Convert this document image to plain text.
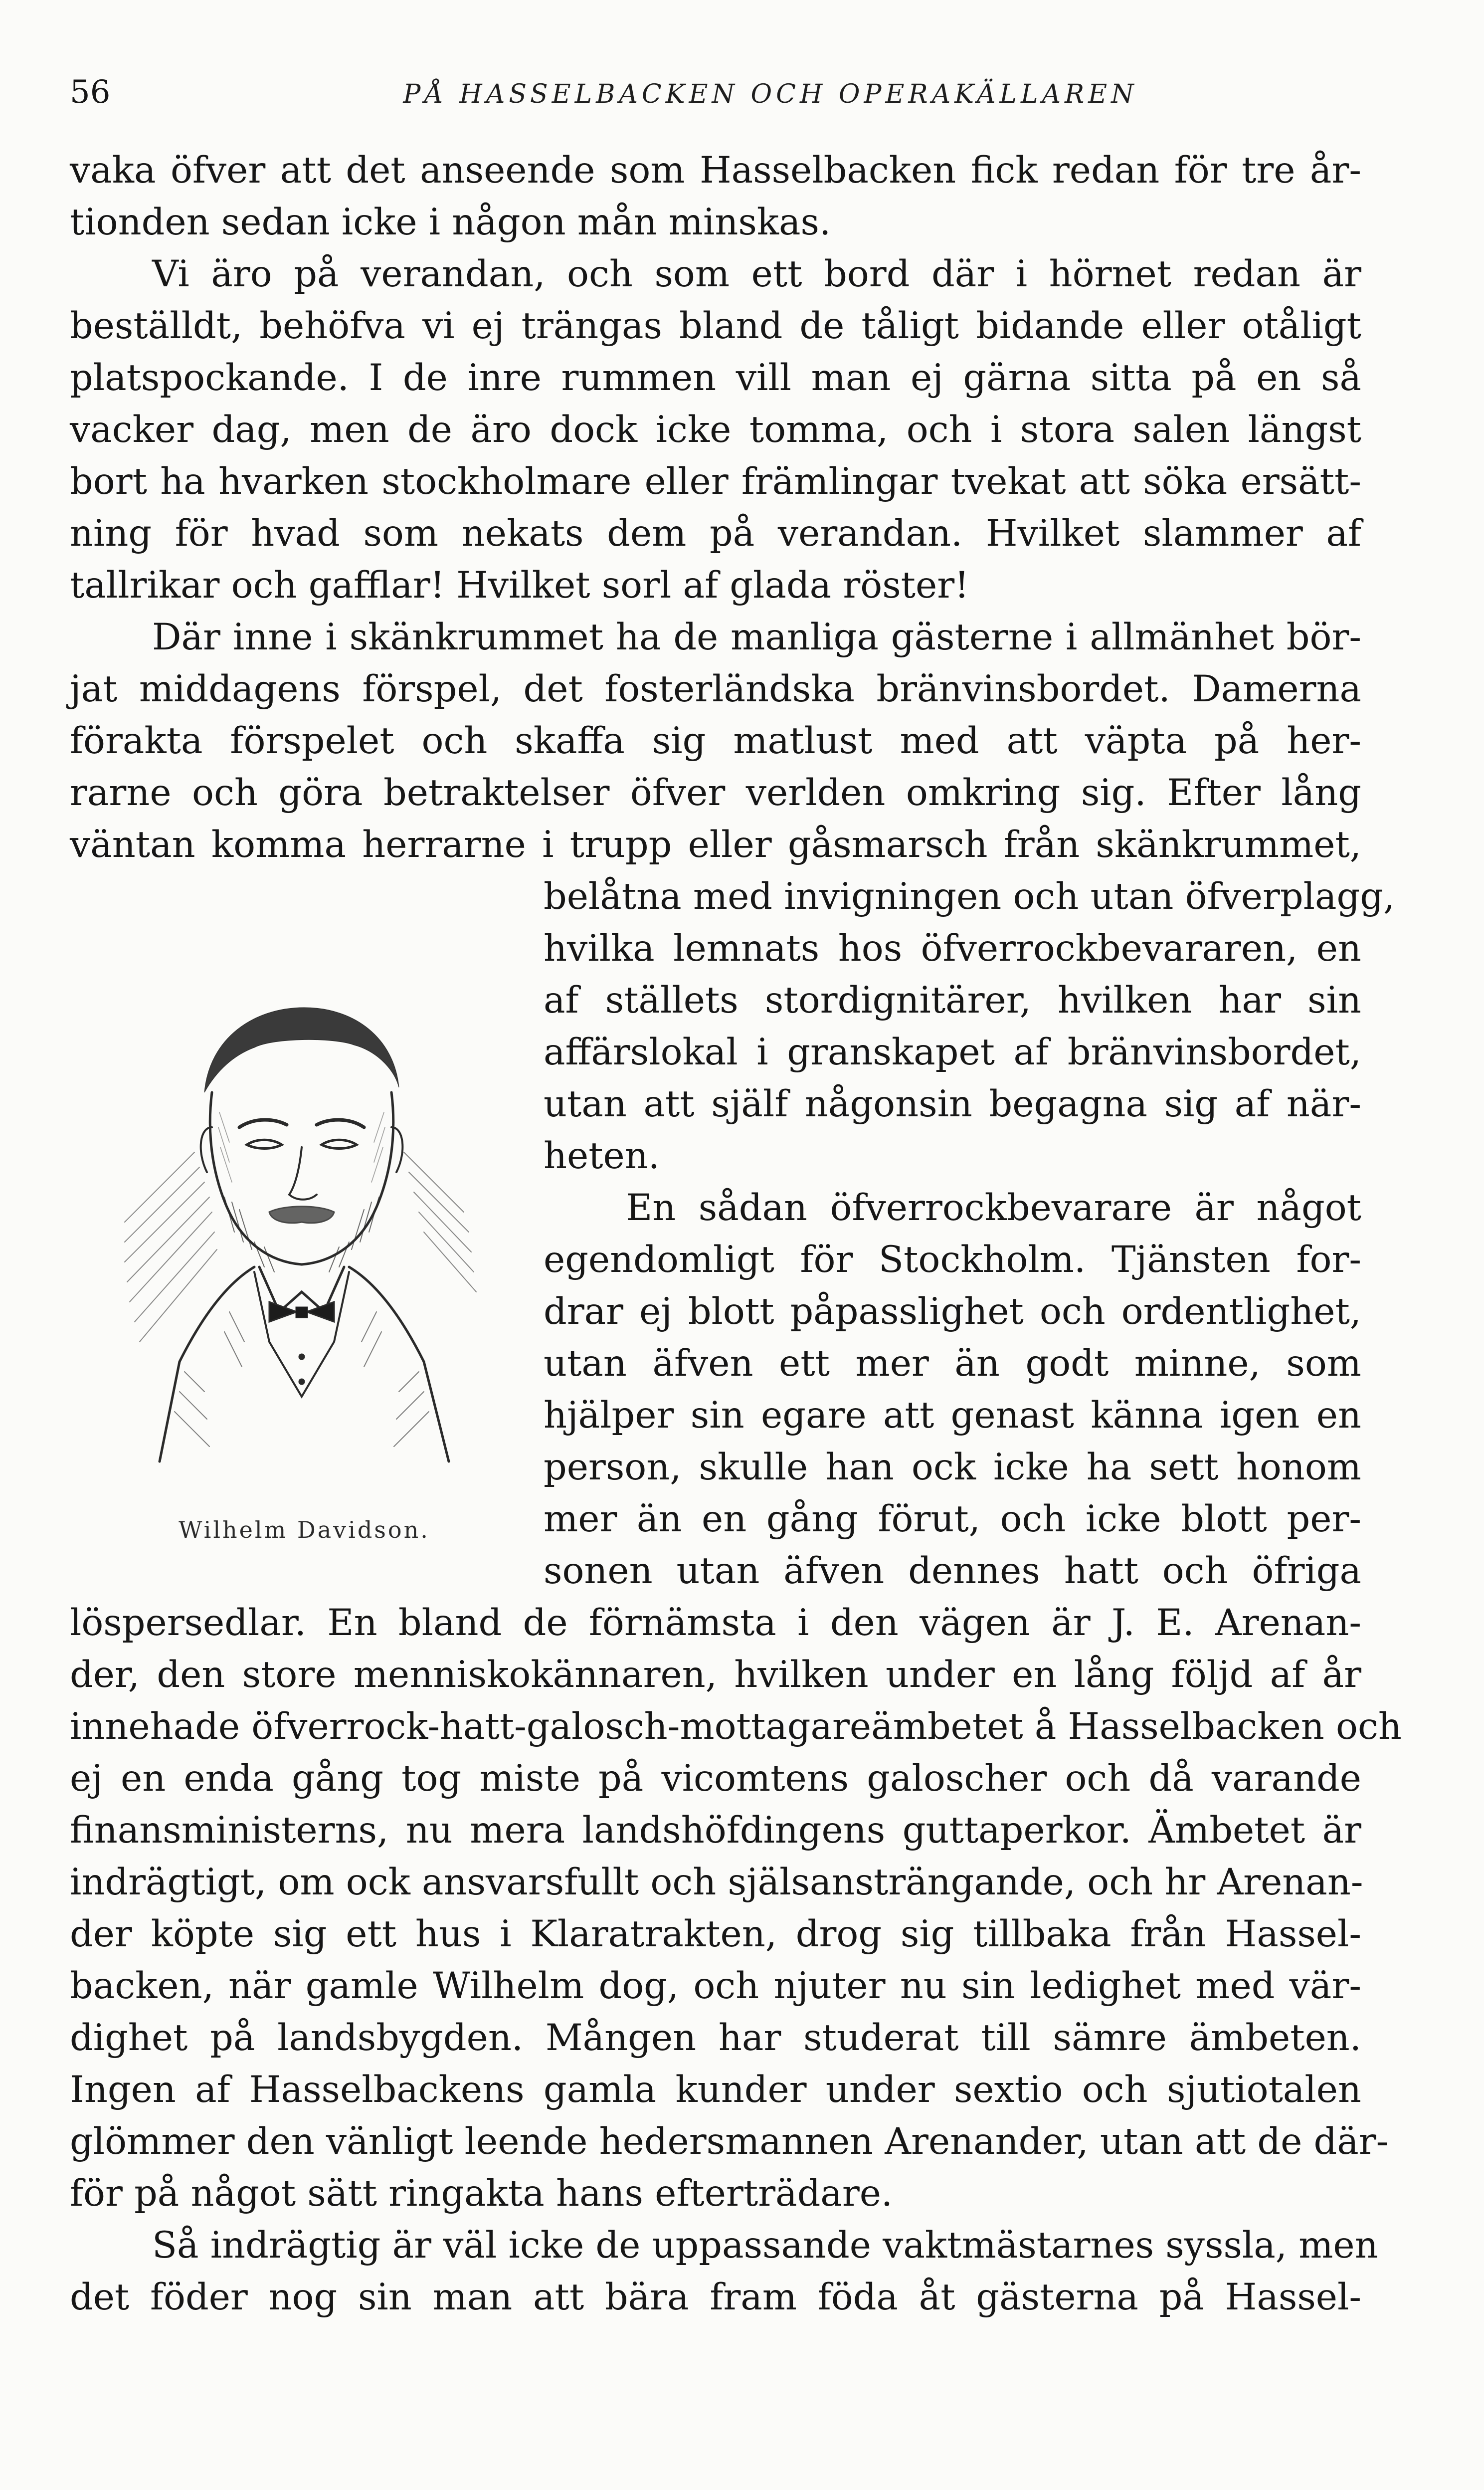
56	PÅ HASSELBACKEN OCH OPERAKÄLLAREN
vaka öfver att det anseende som Hasselbacken fick redan för tre år-
tionden sedan icke i någon mån minskas.
Vi äro på verandan, och som ett bord där i hörnet redan är
beställdt, behöfva vi ej trängas bland de tåligt bidande eller otåligt
platspockande. I de inre rummen vill man ej gärna sitta på en så
vacker dag, men de äro dock icke tomma, och i stora salen längst
bort ha hvarken stockholmare eller främlingar tvekat att söka ersätt-
ning för hvad som nekats dem på verandan. Hvilket slammer af
tallrikar och gafflar! Hvilket sorl af glada röster!
Där inne i skänkrummet ha de manliga gästerne i allmänhet bör-
jat middagens förspel, det fosterländska bränvinsbordet. Damerna
förakta förspelet och skaffa sig matlust med att väpta på her-
rarne och göra betraktelser öfver verlden omkring sig. Efter lång
väntan komma herrarne i trupp eller gåsmarsch från skänkrummet,
belåtna med invigningen och utan öfverplagg,
hvilka lemnats hos öfverrockbevararen, en
af ställets stordignitärer, hvilken har sin
affärslokal i granskapet af bränvinsbordet,
utan att själf någonsin begagna sig af när-
heten.
En sådan öfverrockbevarare är något
egendomligt för Stockholm. Tjänsten for-
drar ej blott påpasslighet och ordentlighet,
utan äfven ett mer än godt minne, som
hjälper sin egare att genast känna igen en
person, skulle han ock icke ha sett honom
mer än en gång förut, och icke blott per-
sonen utan äfven dennes hatt och öfriga
löspersedlar. En bland de förnämsta i den vägen är J. E. Arenan-
der, den store menniskokännaren, hvilken under en lång följd af år
innehade öfverrock-hatt-galosch-mottagareämbetet å Hasselbacken och
ej en enda gång tog miste på vicomtens galoscher och då varande
finansministerns, nu mera landshöfdingens guttaperkor. Ämbetet är
indrägtigt, om ock ansvarsfullt och själsansträngande, och hr Arenan-
der köpte sig ett hus i Klaratrakten, drog sig tillbaka från Hassel-
backen, när gamle Wilhelm dog, och njuter nu sin ledighet med vär-
dighet på landsbygden. Mången har studerat till sämre ämbeten.
Ingen af Hasselbackens gamla kunder under sextio och sjutiotalen
glömmer den vänligt leende hedersmannen Arenander, utan att de där-
för på något sätt ringakta hans efterträdare.
Så indrägtig är väl icke de uppassande vaktmästarnes syssla, men
det föder nog sin man att bära fram föda åt gästerna på Hassel-
Wilhelm Davidson.
